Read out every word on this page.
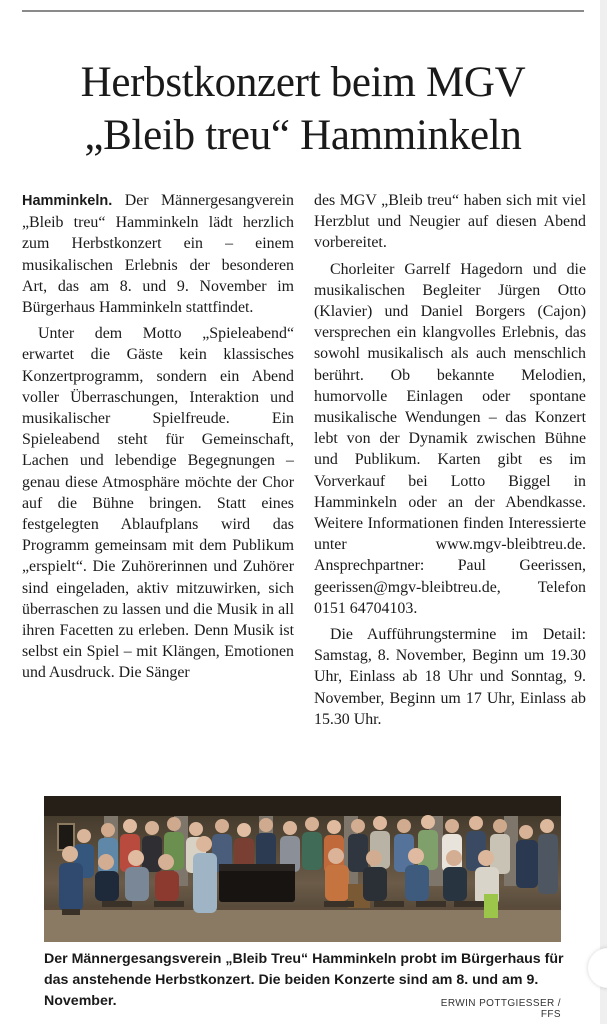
Herbstkonzert beim MGV
„Bleib treu“ Hamminkeln

Hamminkeln. Der Männergesangverein „Bleib treu“ Hamminkeln lädt herzlich zum Herbstkonzert ein – einem musikalischen Erlebnis der besonderen Art, das am 8. und 9. November im Bürgerhaus Hamminkeln stattfindet.

Unter dem Motto „Spieleabend“ erwartet die Gäste kein klassisches Konzertprogramm, sondern ein Abend voller Überraschungen, Interaktion und musikalischer Spielfreude. Ein Spieleabend steht für Gemeinschaft, Lachen und lebendige Begegnungen – genau diese Atmosphäre möchte der Chor auf die Bühne bringen. Statt eines festgelegten Ablaufplans wird das Programm gemeinsam mit dem Publikum „erspielt“. Die Zuhörerinnen und Zuhörer sind eingeladen, aktiv mitzuwirken, sich überraschen zu lassen und die Musik in all ihren Facetten zu erleben. Denn Musik ist selbst ein Spiel – mit Klängen, Emotionen und Ausdruck. Die Sänger

des MGV „Bleib treu“ haben sich mit viel Herzblut und Neugier auf diesen Abend vorbereitet.

Chorleiter Garrelf Hagedorn und die musikalischen Begleiter Jürgen Otto (Klavier) und Daniel Borgers (Cajon) versprechen ein klangvolles Erlebnis, das sowohl musikalisch als auch menschlich berührt. Ob bekannte Melodien, humorvolle Einlagen oder spontane musikalische Wendungen – das Konzert lebt von der Dynamik zwischen Bühne und Publikum. Karten gibt es im Vorverkauf bei Lotto Biggel in Hamminkeln oder an der Abendkasse. Weitere Informationen finden Interessierte unter www.mgv-bleibtreu.de. Ansprechpartner: Paul Geerissen, geerissen@mgv-bleibtreu.de, Telefon 0151 64704103.

Die Aufführungstermine im Detail: Samstag, 8. November, Beginn um 19.30 Uhr, Einlass ab 18 Uhr und Sonntag, 9. November, Beginn um 17 Uhr, Einlass ab 15.30 Uhr.

Der Männergesangsverein „Bleib Treu“ Hamminkeln probt im Bürgerhaus für das anstehende Herbstkonzert. Die beiden Konzerte sind am 8. und am 9. November.	ERWIN POTTGIESSER / FFS
